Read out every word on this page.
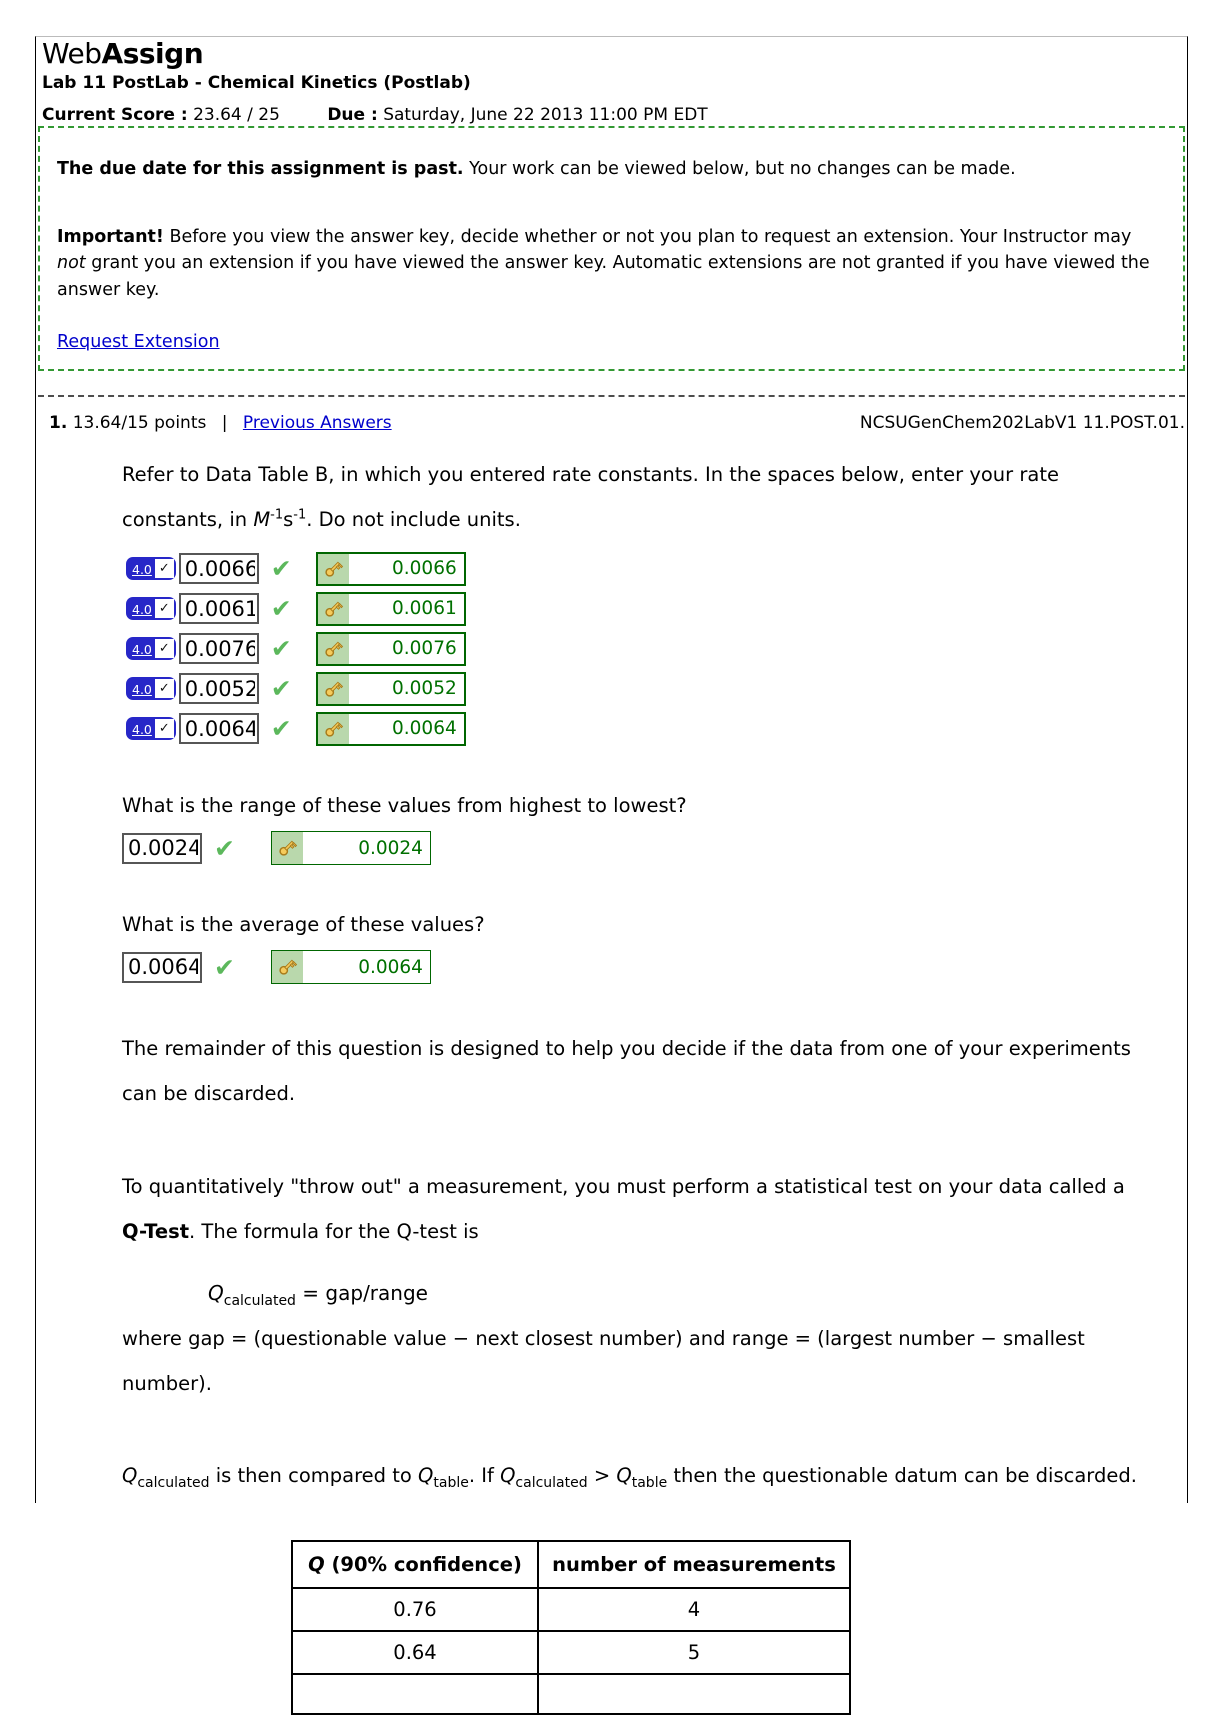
WebAssign
Lab 11 PostLab - Chemical Kinetics (Postlab)
Current Score : 23.64 / 25	Due : Saturday, June 22 2013 11:00 PM EDT

The due date for this assignment is past. Your work can be viewed below, but no changes can be made.

Important! Before you view the answer key, decide whether or not you plan to request an extension. Your Instructor may not grant you an extension if you have viewed the answer key. Automatic extensions are not granted if you have viewed the answer key.

Request Extension
1. 13.64/15 points | Previous Answers	NCSUGenChem202LabV1 11.POST.01.

Refer to Data Table B, in which you entered rate constants. In the spaces below, enter your rate constants, in $M^{-1}s^{-1}$. Do not include units.

4.0 ✓
0.0066	✔	0.0066
4.0 ✓
0.0061	✔	0.0061
4.0 ✓
0.0076	✔	0.0076
4.0 ✓
0.0052	✔	0.0052
4.0 ✓
0.0064	✔	0.0064

What is the range of these values from highest to lowest?

0.0024
✔	0.0024

What is the average of these values?

0.0064
✔	0.0064

The remainder of this question is designed to help you decide if the data from one of your experiments can be discarded.

To quantitatively "throw out" a measurement, you must perform a statistical test on your data called a Q-Test. The formula for the Q-test is

$Q_{calculated}$ = gap/range

where gap = (questionable value − next closest number) and range = (largest number − smallest number).

$Q_{calculated}$ is then compared to $Q_{table}$. If $Q_{calculated} > Q_{table}$ then the questionable datum can be discarded.

Q (90% confidence)	number of measurements
0.76	4
0.64	5
